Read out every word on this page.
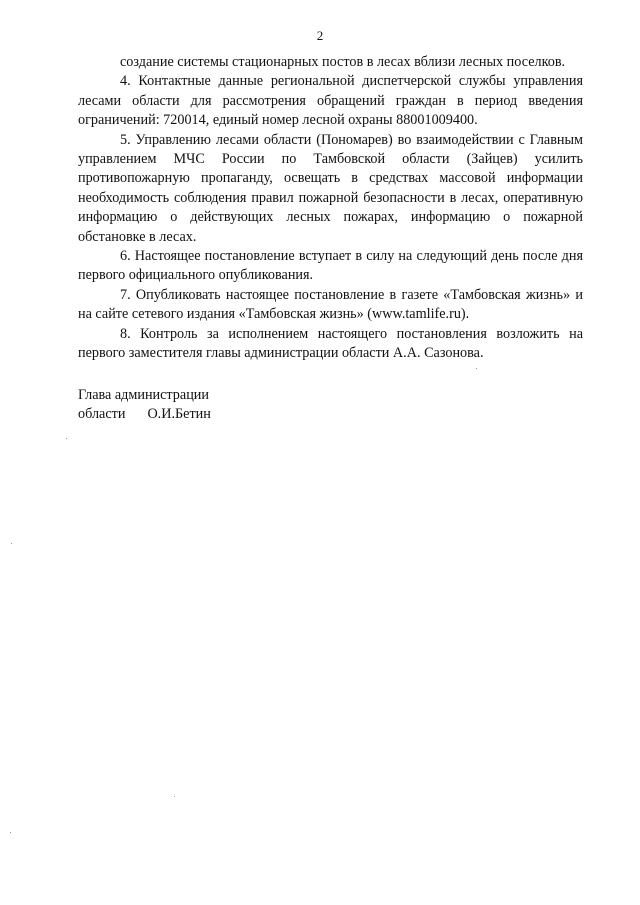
2

создание системы стационарных постов в лесах вблизи лесных поселков.

4. Контактные данные региональной диспетчерской службы управления лесами области для рассмотрения обращений граждан в период введения ограничений: 720014, единый номер лесной охраны 88001009400.

5. Управлению лесами области (Пономарев) во взаимодействии с Главным управлением МЧС России по Тамбовской области (Зайцев) усилить противопожарную пропаганду, освещать в средствах массовой информации необходимость соблюдения правил пожарной безопасности в лесах, оперативную информацию о действующих лесных пожарах, информацию о пожарной обстановке в лесах.

6. Настоящее постановление вступает в силу на следующий день после дня первого официального опубликования.

7. Опубликовать настоящее постановление в газете «Тамбовская жизнь» и на сайте сетевого издания «Тамбовская жизнь» (www.tamlife.ru).

8. Контроль за исполнением настоящего постановления возложить на первого заместителя главы администрации области А.А. Сазонова.

Глава администрации
области О.И.Бетин
